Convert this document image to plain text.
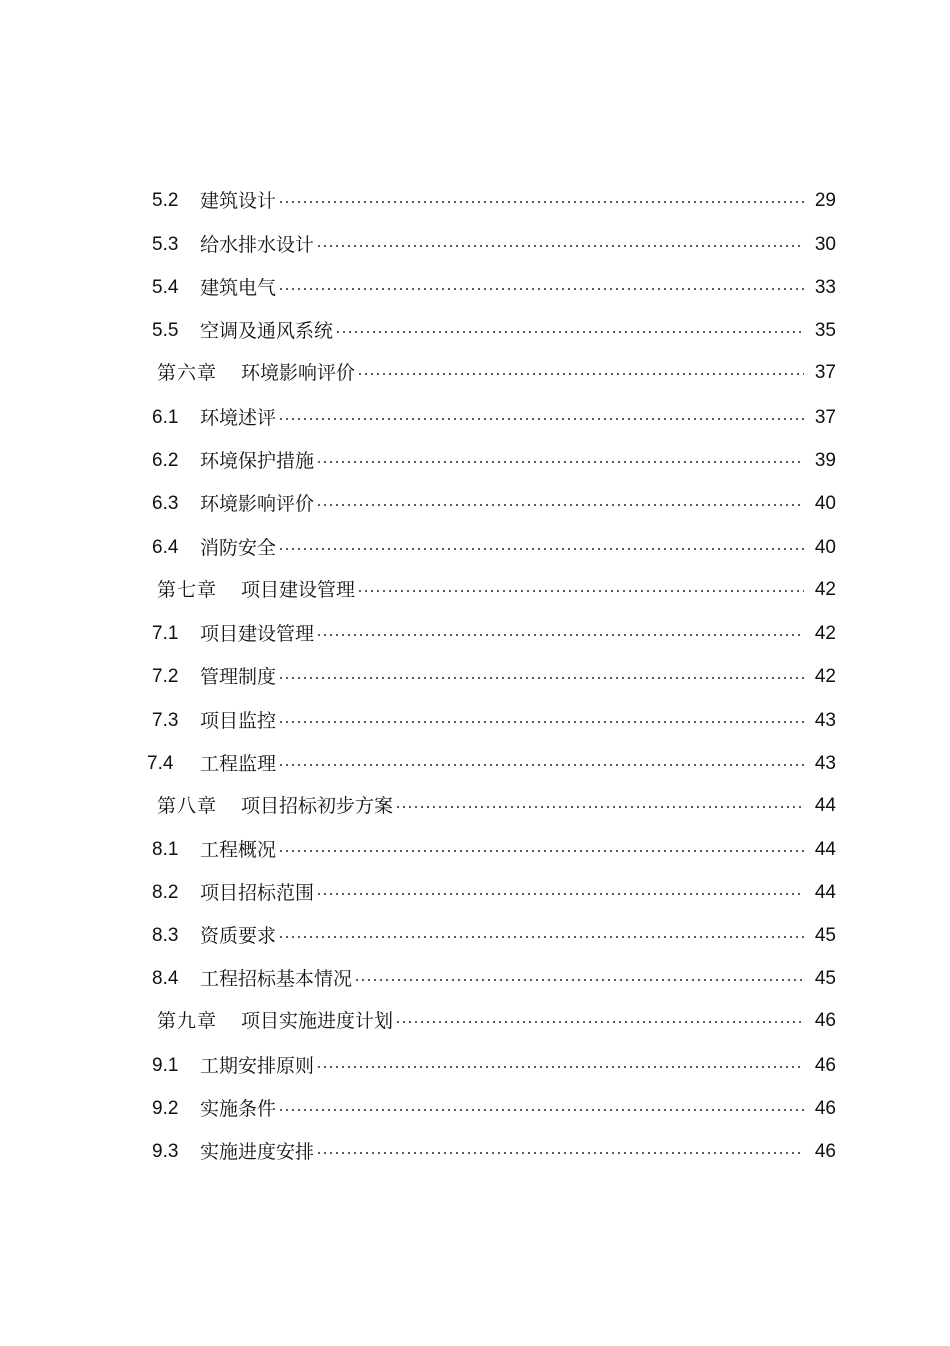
5.2	建筑设计	29
5.3	给水排水设计	30
5.4	建筑电气	33
5.5	空调及通风系统	35
第六章	环境影响评价	37
6.1	环境述评	37
6.2	环境保护措施	39
6.3	环境影响评价	40
6.4	消防安全	40
第七章	项目建设管理	42
7.1	项目建设管理	42
7.2	管理制度	42
7.3	项目监控	43
7.4	工程监理	43
第八章	项目招标初步方案	44
8.1	工程概况	44
8.2	项目招标范围	44
8.3	资质要求	45
8.4	工程招标基本情况	45
第九章	项目实施进度计划	46
9.1	工期安排原则	46
9.2	实施条件	46
9.3	实施进度安排	46
